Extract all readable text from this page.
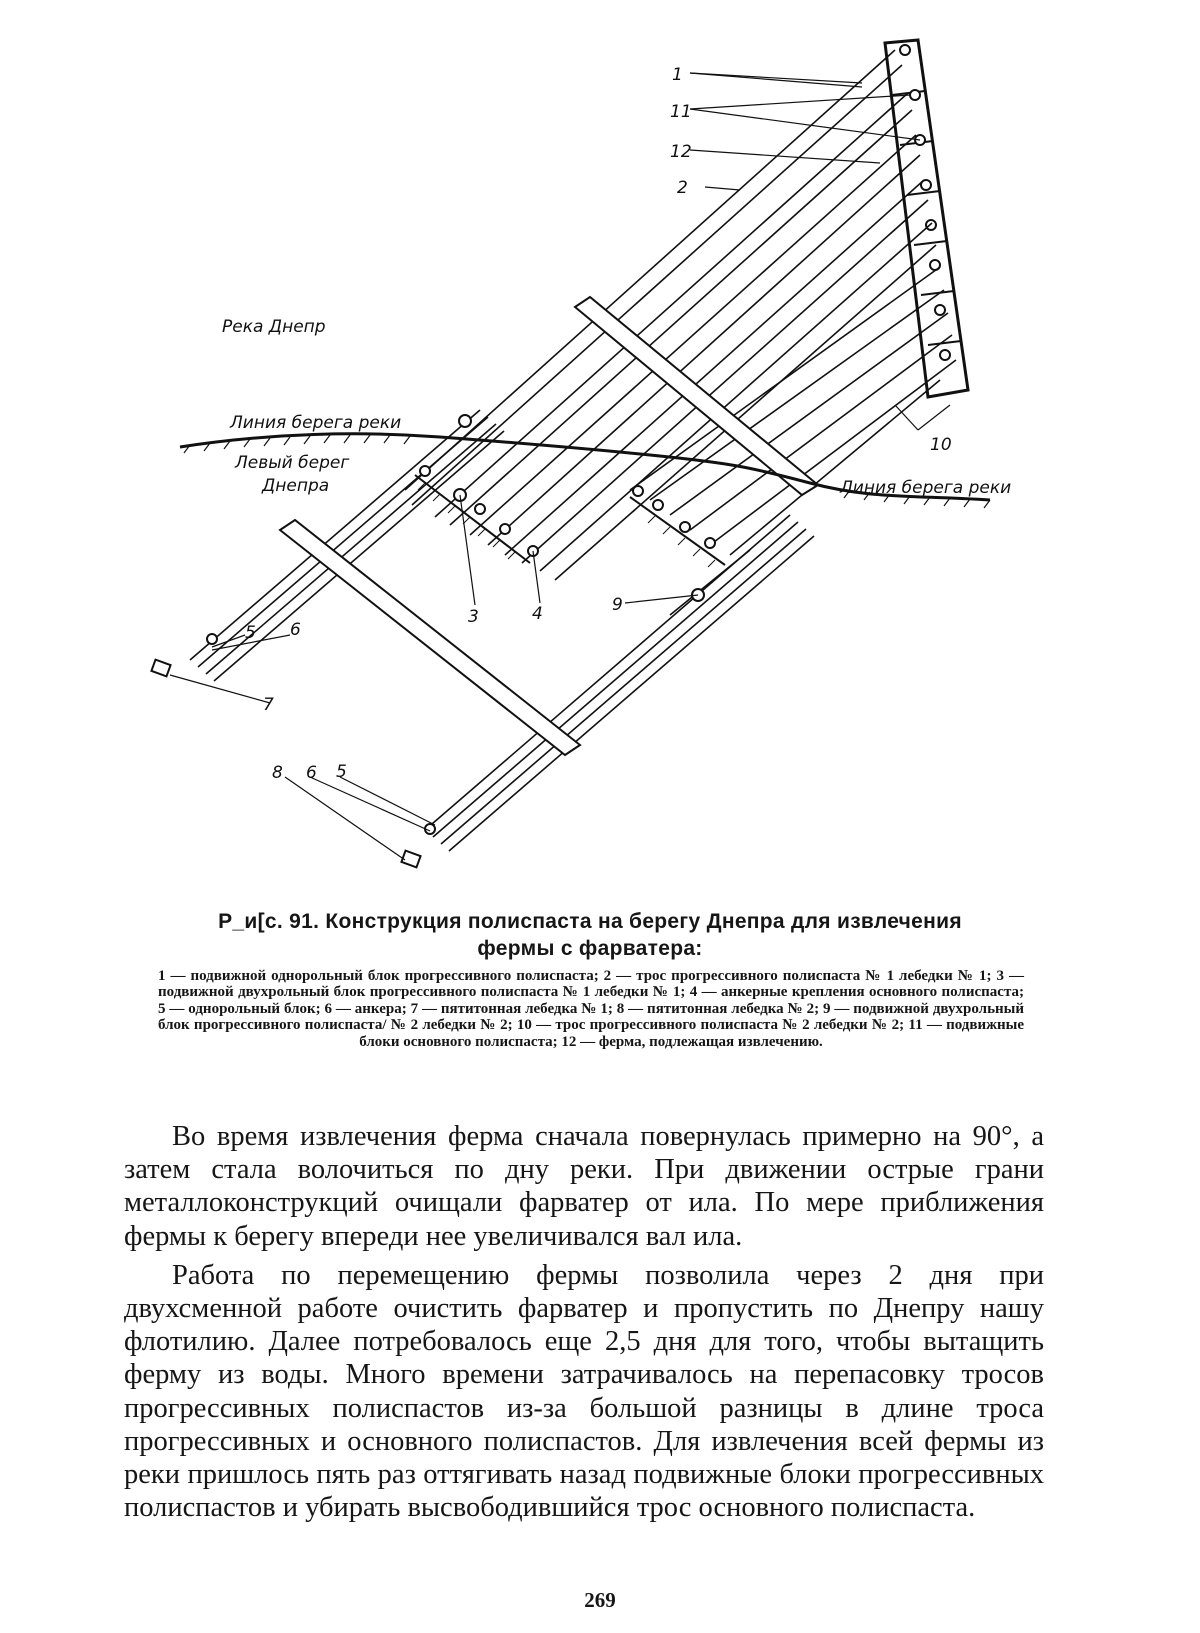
Река Днепр
Линия берега реки
Левый берег
Днепра	Линия берега реки
1
11
12
2
10
3	4	9
5 6
7
8 6 5
Р_и[с. 91. Конструкция полиспаста на берегу Днепра для извлечения
фермы с фарватера:
1 — подвижной однорольный блок прогрессивного полиспаста; 2 — трос прогрессивного полиспаста № 1 лебедки № 1; 3 — подвижной двухрольный блок прогрессивного полиспаста № 1 лебедки № 1; 4 — анкерные крепления основного полиспаста; 5 — однорольный блок; 6 — анкера; 7 — пятитонная лебедка № 1; 8 — пятитонная лебедка № 2; 9 — подвижной двухрольный блок прогрессивного полиспаста/ № 2 лебедки № 2; 10 — трос прогрессивного полиспаста № 2 лебедки № 2; 11 — подвижные блоки основного полиспаста; 12 — ферма, подлежащая извлечению.

Во время извлечения ферма сначала повернулась примерно на 90°, а затем стала волочиться по дну реки. При движении острые грани металлоконструкций очищали фарватер от ила. По мере приближения фермы к берегу впереди нее увеличивался вал ила.

Работа по перемещению фермы позволила через 2 дня при двухсменной работе очистить фарватер и пропустить по Днепру нашу флотилию. Далее потребовалось еще 2,5 дня для того, чтобы вытащить ферму из воды. Много времени затрачивалось на перепасовку тросов прогрессивных полиспастов из-за большой разницы в длине троса прогрессивных и основного полиспастов. Для извлечения всей фермы из реки пришлось пять раз оттягивать назад подвижные блоки прогрессивных полиспастов и убирать высвободившийся трос основного полиспаста.

269
